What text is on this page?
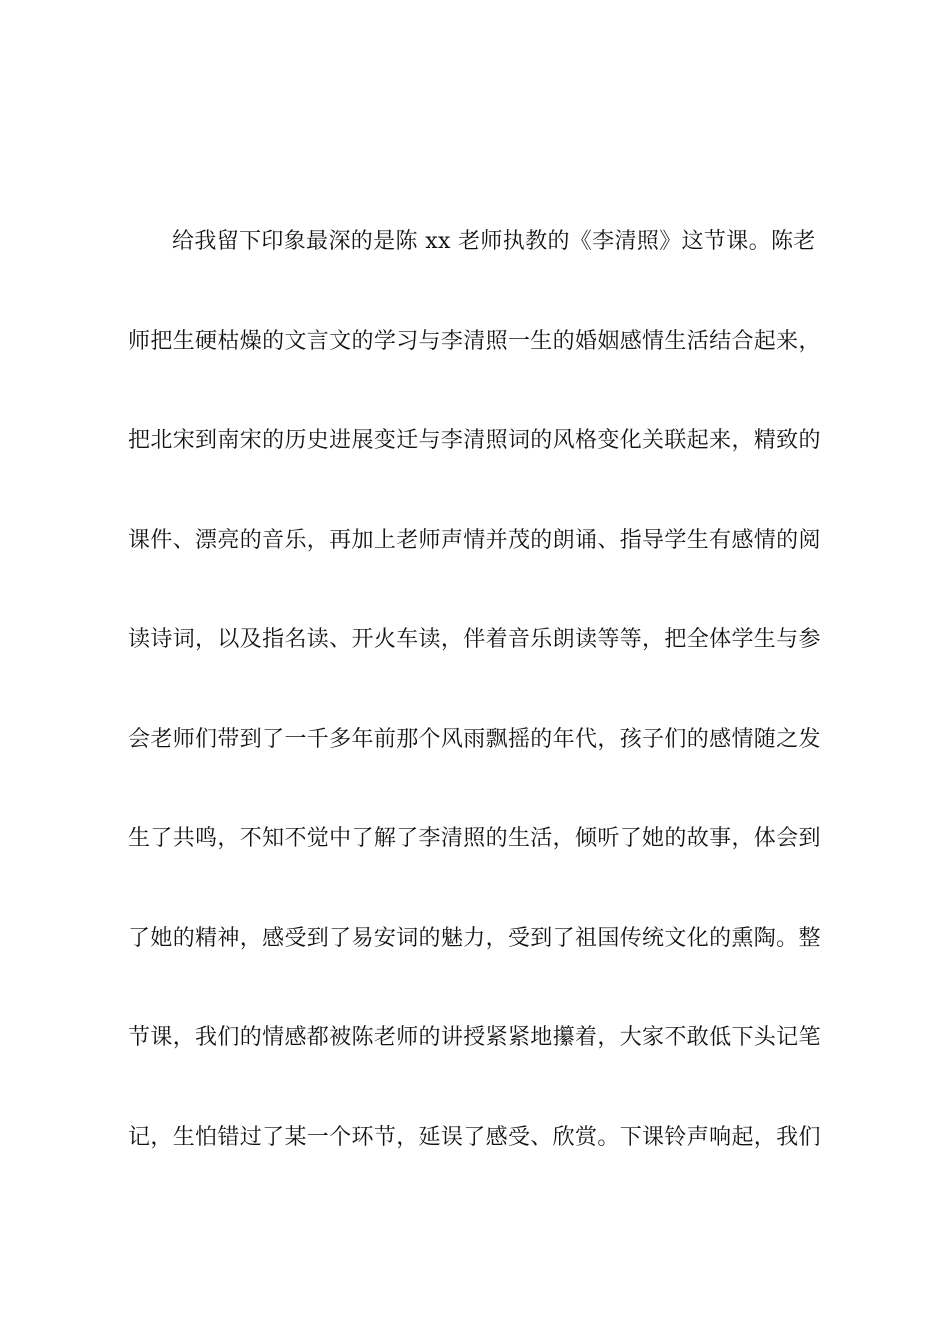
给我留下印象最深的是陈 xx 老师执教的《李清照》这节课。陈老
师把生硬枯燥的文言文的学习与李清照一生的婚姻感情生活结合起来，
把北宋到南宋的历史进展变迁与李清照词的风格变化关联起来，精致的
课件、漂亮的音乐，再加上老师声情并茂的朗诵、指导学生有感情的阅
读诗词，以及指名读、开火车读，伴着音乐朗读等等，把全体学生与参
会老师们带到了一千多年前那个风雨飘摇的年代，孩子们的感情随之发
生了共鸣，不知不觉中了解了李清照的生活，倾听了她的故事，体会到
了她的精神，感受到了易安词的魅力，受到了祖国传统文化的熏陶。整
节课，我们的情感都被陈老师的讲授紧紧地攥着，大家不敢低下头记笔
记，生怕错过了某一个环节，延误了感受、欣赏。下课铃声响起，我们
